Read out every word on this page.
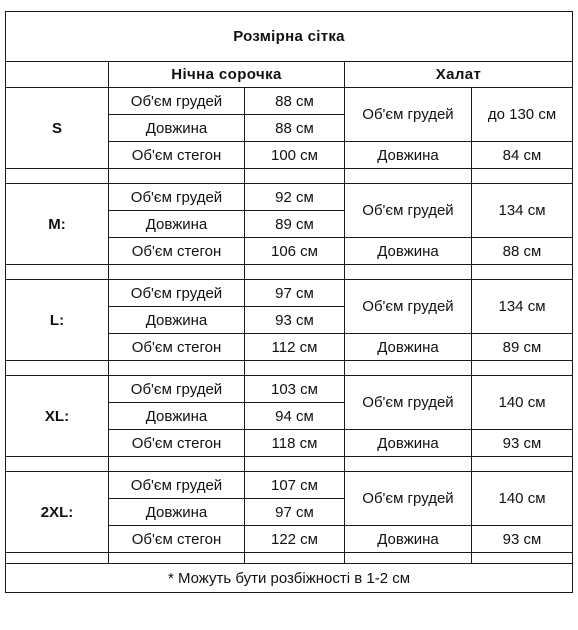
Розмірна сітка				
	Нічна сорочка		Халат	
S	Об'єм грудей	88 см	Об'єм грудей	до 130 см
	Довжина	88 см		
	Об'єм стегон	100 см	Довжина	84 см

M:	Об'єм грудей	92 см	Об'єм грудей	134 см
	Довжина	89 см		
	Об'єм стегон	106 см	Довжина	88 см

L:	Об'єм грудей	97 см	Об'єм грудей	134 см
	Довжина	93 см		
	Об'єм стегон	112 см	Довжина	89 см

XL:	Об'єм грудей	103 см	Об'єм грудей	140 см
	Довжина	94 см		
	Об'єм стегон	118 см	Довжина	93 см

2XL:	Об'єм грудей	107 см	Об'єм грудей	140 см
	Довжина	97 см		
	Об'єм стегон	122 см	Довжина	93 см

* Можуть бути розбіжності в 1-2 см				
